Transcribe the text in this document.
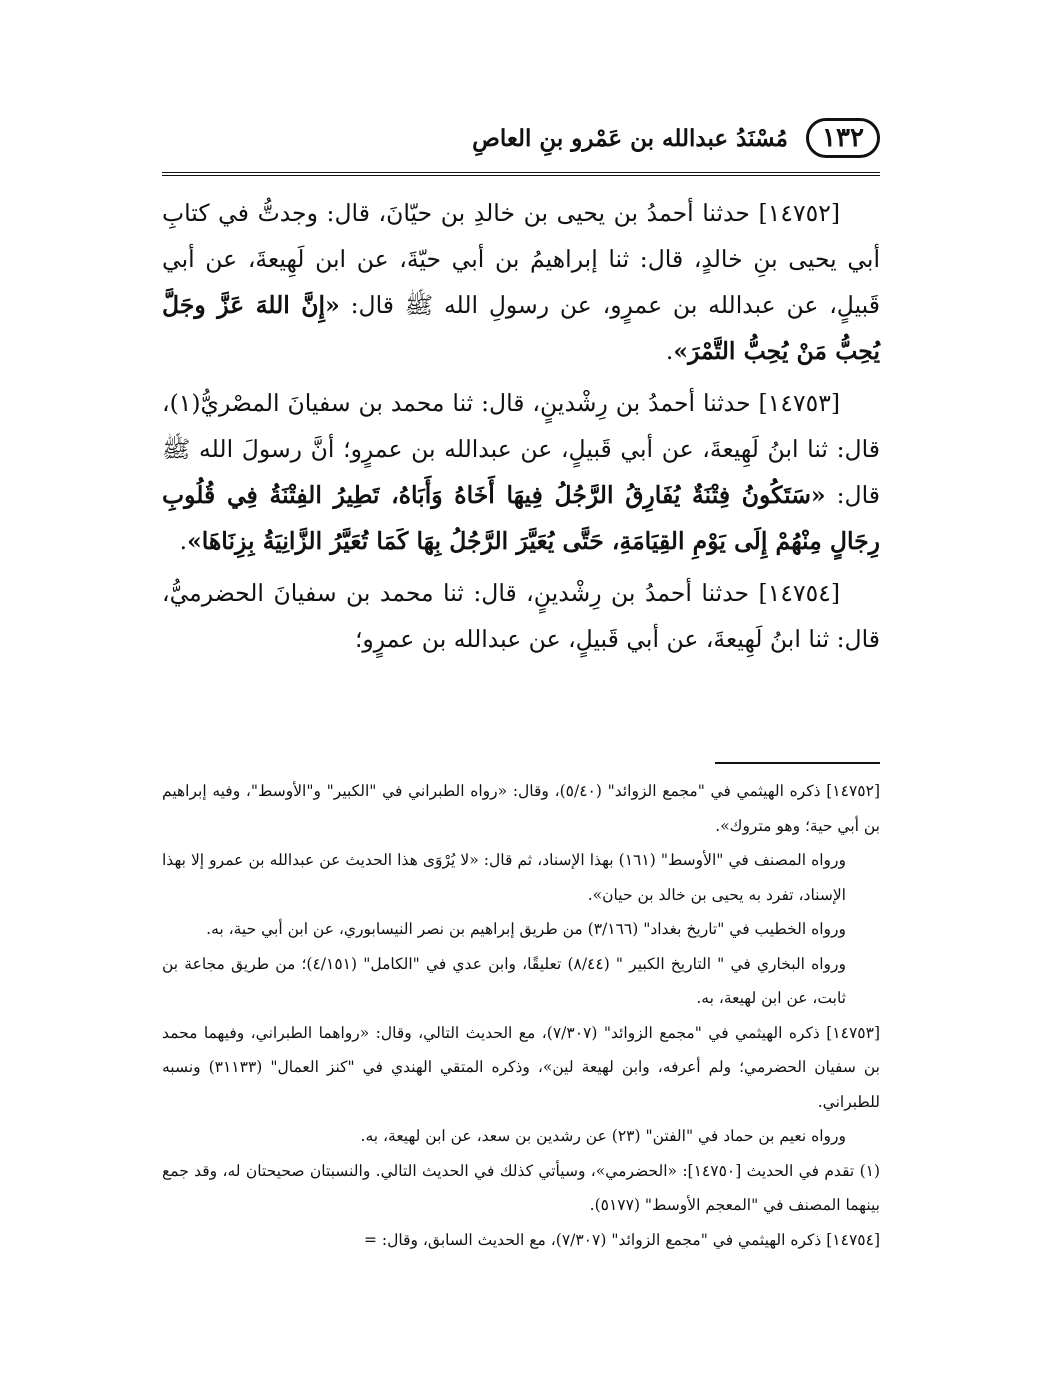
١٣٢
مُسْنَدُ عبدالله بن عَمْرو بنِ العاصِ

[١٤٧٥٢] حدثنا أحمدُ بن يحيى بن خالدِ بن حيّانَ، قال: وجدتُّ في كتابِ أبي يحيى بنِ خالدٍ، قال: ثنا إبراهيمُ بن أبي حيّةَ، عن ابن لَهِيعةَ، عن أبي قَبيلٍ، عن عبدالله بن عمرٍو، عن رسولِ الله ﷺ قال: «إِنَّ اللهَ عَزَّ وجَلَّ يُحِبُّ مَنْ يُحِبُّ التَّمْرَ».

[١٤٧٥٣] حدثنا أحمدُ بن رِشْدينٍ، قال: ثنا محمد بن سفيانَ المصْريُّ(١)، قال: ثنا ابنُ لَهِيعةَ، عن أبي قَبيلٍ، عن عبدالله بن عمرٍو؛ أنَّ رسولَ الله ﷺ قال: «سَتَكُونُ فِتْنَةٌ يُفَارِقُ الرَّجُلُ فِيهَا أَخَاهُ وَأَبَاهُ، تَطِيرُ الفِتْنَةُ فِي قُلُوبِ رِجَالٍ مِنْهُمْ إِلَى يَوْمِ القِيَامَةِ، حَتَّى يُعَيَّرَ الرَّجُلُ بِهَا كَمَا تُعَيَّرُ الزَّانِيَةُ بِزِنَاهَا».

[١٤٧٥٤] حدثنا أحمدُ بن رِشْدينٍ، قال: ثنا محمد بن سفيانَ الحضرميُّ، قال: ثنا ابنُ لَهِيعةَ، عن أبي قَبيلٍ، عن عبدالله بن عمرٍو؛

[١٤٧٥٢] ذكره الهيثمي في "مجمع الزوائد" (٥/٤٠)، وقال: «رواه الطبراني في "الكبير" و"الأوسط"، وفيه إبراهيم بن أبي حية؛ وهو متروك».

ورواه المصنف في "الأوسط" (١٦١) بهذا الإسناد، ثم قال: «لا يُرْوَى هذا الحديث عن عبدالله بن عمرو إلا بهذا الإسناد، تفرد به يحيى بن خالد بن حيان».

ورواه الخطيب في "تاريخ بغداد" (٣/١٦٦) من طريق إبراهيم بن نصر النيسابوري، عن ابن أبي حية، به.

ورواه البخاري في " التاريخ الكبير " (٨/٤٤) تعليقًا، وابن عدي في "الكامل" (٤/١٥١)؛ من طريق مجاعة بن ثابت، عن ابن لهيعة، به.

[١٤٧٥٣] ذكره الهيثمي في "مجمع الزوائد" (٧/٣٠٧)، مع الحديث التالي، وقال: «رواهما الطبراني، وفيهما محمد بن سفيان الحضرمي؛ ولم أعرفه، وابن لهيعة لين»، وذكره المتقي الهندي في "كنز العمال" (٣١١٣٣) ونسبه للطبراني.

ورواه نعيم بن حماد في "الفتن" (٢٣) عن رشدين بن سعد، عن ابن لهيعة، به.

(١) تقدم في الحديث [١٤٧٥٠]: «الحضرمي»، وسيأتي كذلك في الحديث التالي. والنسبتان صحيحتان له، وقد جمع بينهما المصنف في "المعجم الأوسط" (٥١٧٧).

[١٤٧٥٤] ذكره الهيثمي في "مجمع الزوائد" (٧/٣٠٧)، مع الحديث السابق، وقال: =
